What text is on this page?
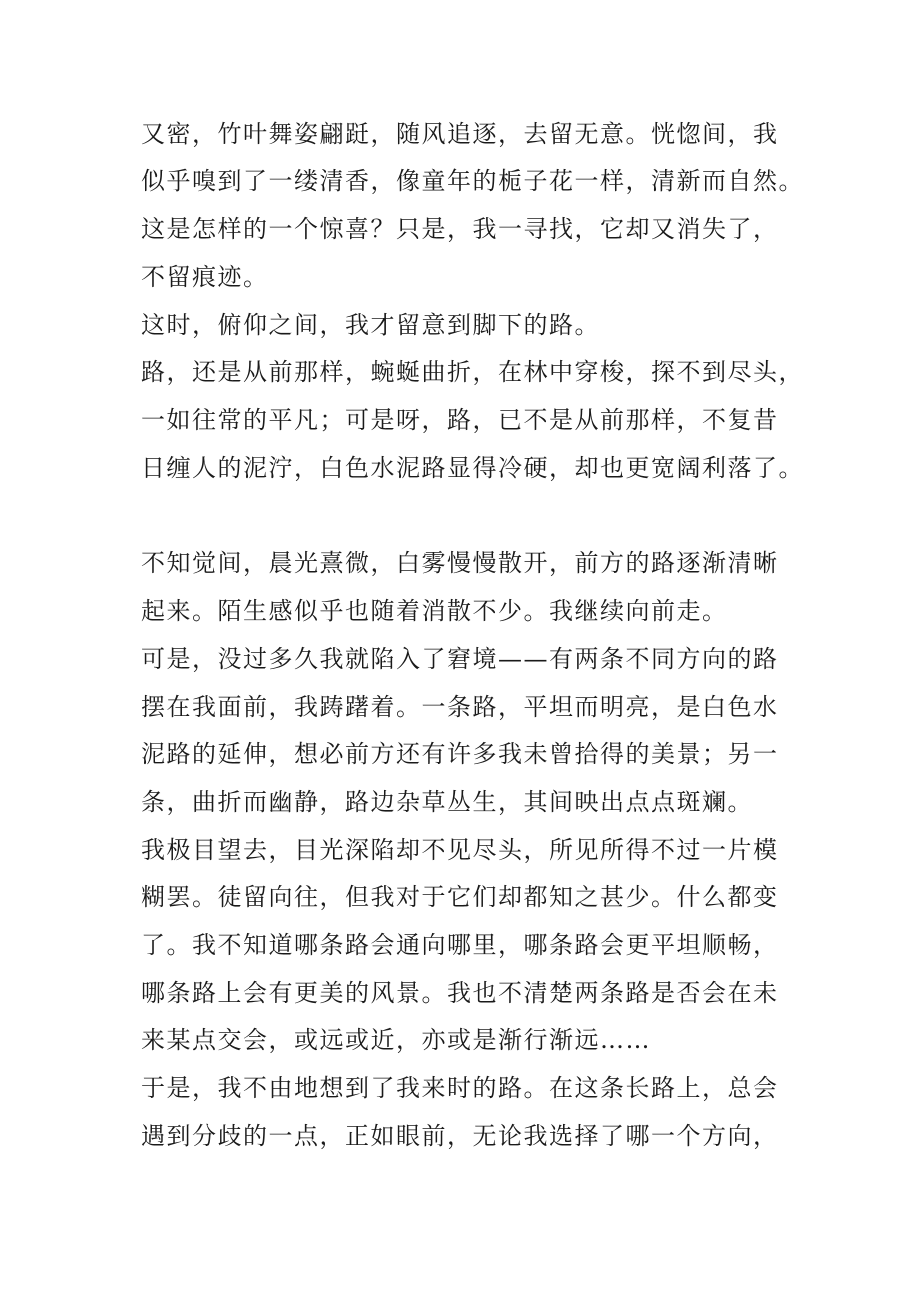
又密，竹叶舞姿翩跹，随风追逐，去留无意。恍惚间，我
似乎嗅到了一缕清香，像童年的栀子花一样，清新而自然。
这是怎样的一个惊喜？只是，我一寻找，它却又消失了，
不留痕迹。
这时，俯仰之间，我才留意到脚下的路。
路，还是从前那样，蜿蜒曲折，在林中穿梭，探不到尽头，
一如往常的平凡；可是呀，路，已不是从前那样，不复昔
日缠人的泥泞，白色水泥路显得冷硬，却也更宽阔利落了。
不知觉间，晨光熹微，白雾慢慢散开，前方的路逐渐清晰
起来。陌生感似乎也随着消散不少。我继续向前走。
可是，没过多久我就陷入了窘境——有两条不同方向的路
摆在我面前，我踌躇着。一条路，平坦而明亮，是白色水
泥路的延伸，想必前方还有许多我未曾拾得的美景；另一
条，曲折而幽静，路边杂草丛生，其间映出点点斑斓。
我极目望去，目光深陷却不见尽头，所见所得不过一片模
糊罢。徒留向往，但我对于它们却都知之甚少。什么都变
了。我不知道哪条路会通向哪里，哪条路会更平坦顺畅，
哪条路上会有更美的风景。我也不清楚两条路是否会在未
来某点交会，或远或近，亦或是渐行渐远……
于是，我不由地想到了我来时的路。在这条长路上，总会
遇到分歧的一点，正如眼前，无论我选择了哪一个方向，
